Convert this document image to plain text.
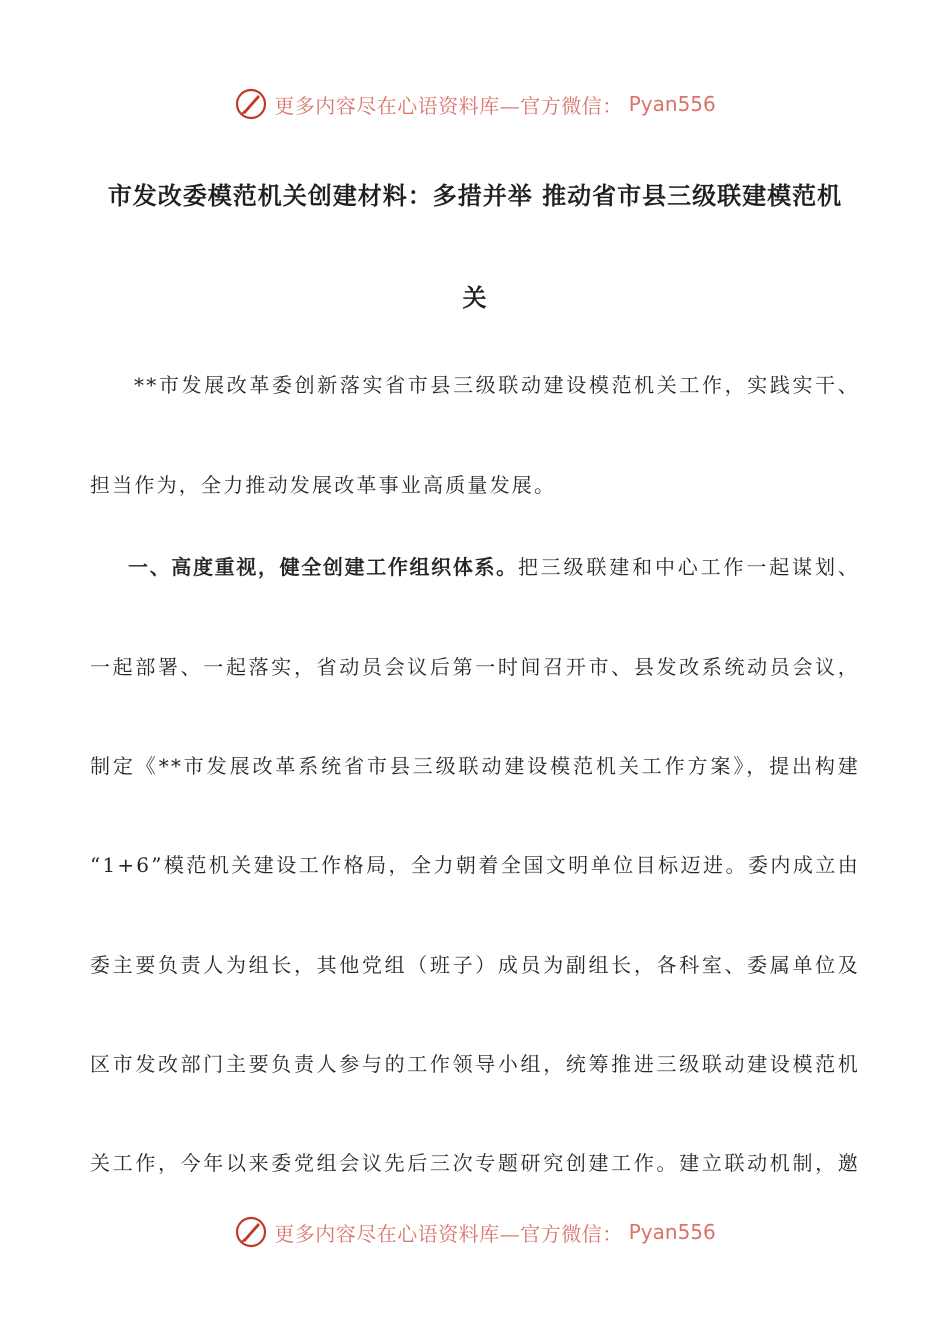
更多内容尽在心语资料库—官方微信： Pyan556
市发改委模范机关创建材料：多措并举 推动省市县三级联建模范机
关
**市发展改革委创新落实省市县三级联动建设模范机关工作，实践实干、
担当作为，全力推动发展改革事业高质量发展。
一、高度重视，健全创建工作组织体系。把三级联建和中心工作一起谋划、
一起部署、一起落实，省动员会议后第一时间召开市、县发改系统动员会议，
制定《**市发展改革系统省市县三级联动建设模范机关工作方案》，提出构建
“1+6”模范机关建设工作格局，全力朝着全国文明单位目标迈进。委内成立由
委主要负责人为组长，其他党组（班子）成员为副组长，各科室、委属单位及
区市发改部门主要负责人参与的工作领导小组，统筹推进三级联动建设模范机
关工作，今年以来委党组会议先后三次专题研究创建工作。建立联动机制，邀
更多内容尽在心语资料库—官方微信： Pyan556
